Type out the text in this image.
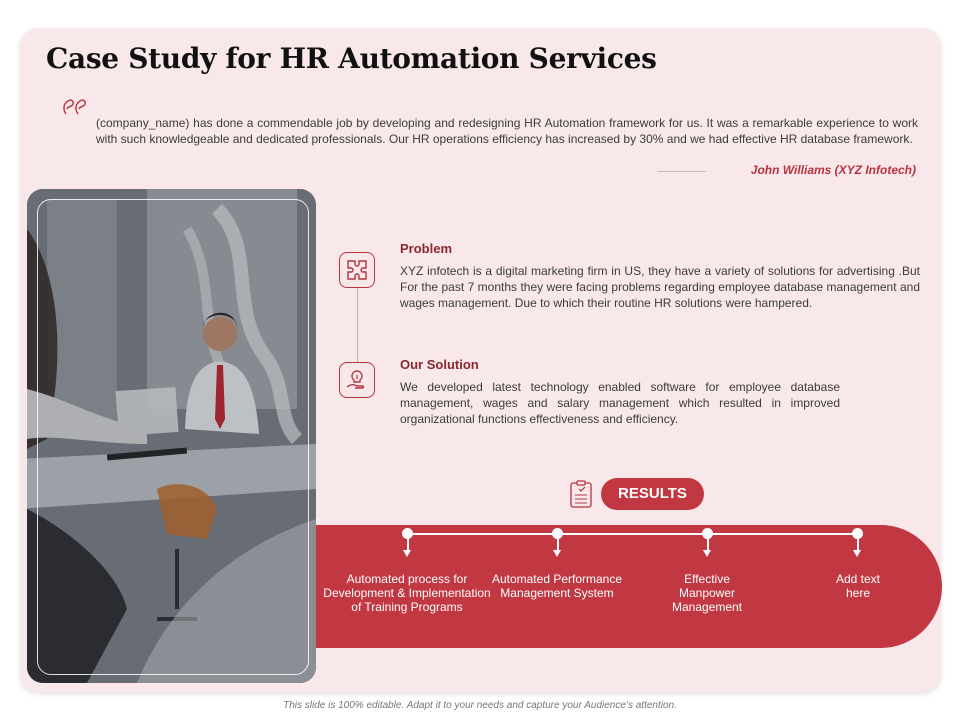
Case Study for HR Automation Services

(company_name) has done a commendable job by developing and redesigning HR Automation framework for us. It was a remarkable experience to work with such knowledgeable and dedicated professionals. Our HR operations efficiency has increased by 30% and we had effective HR database framework.

John Williams (XYZ Infotech)
Problem

XYZ infotech is a digital marketing firm in US, they have a variety of solutions for advertising .But For the past 7 months they were facing problems regarding employee database management and wages management. Due to which their routine HR solutions were hampered.

Our Solution

We developed latest technology enabled software for employee database management, wages and salary management which resulted in improved organizational functions effectiveness and efficiency.

RESULTS
Automated process for Development & Implementation of Training Programs
Automated Performance Management System
Effective Manpower Management
Add text here
This slide is 100% editable. Adapt it to your needs and capture your Audience’s attention.
